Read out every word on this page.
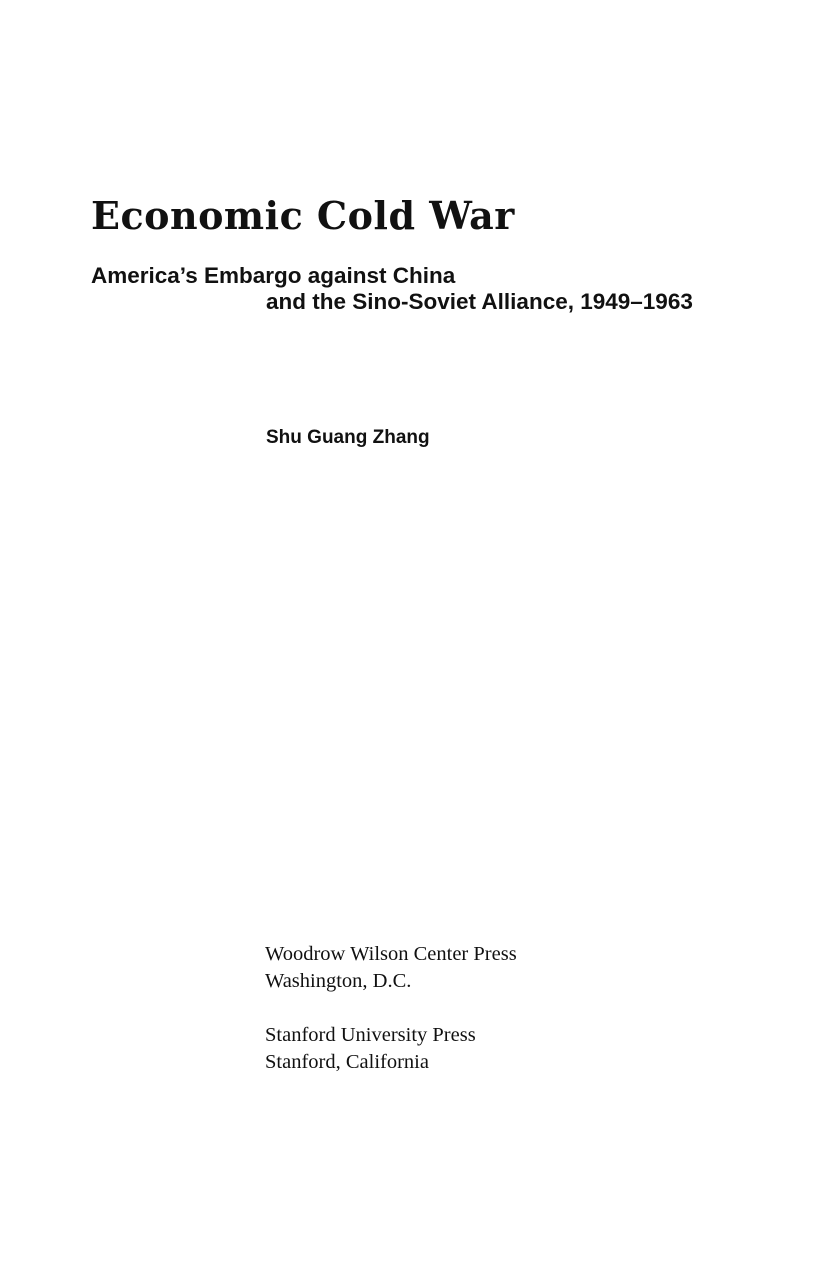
Economic Cold War

America’s Embargo against China

and the Sino-Soviet Alliance, 1949–1963

Shu Guang Zhang

Woodrow Wilson Center Press
Washington, D.C.
Stanford University Press
Stanford, California
